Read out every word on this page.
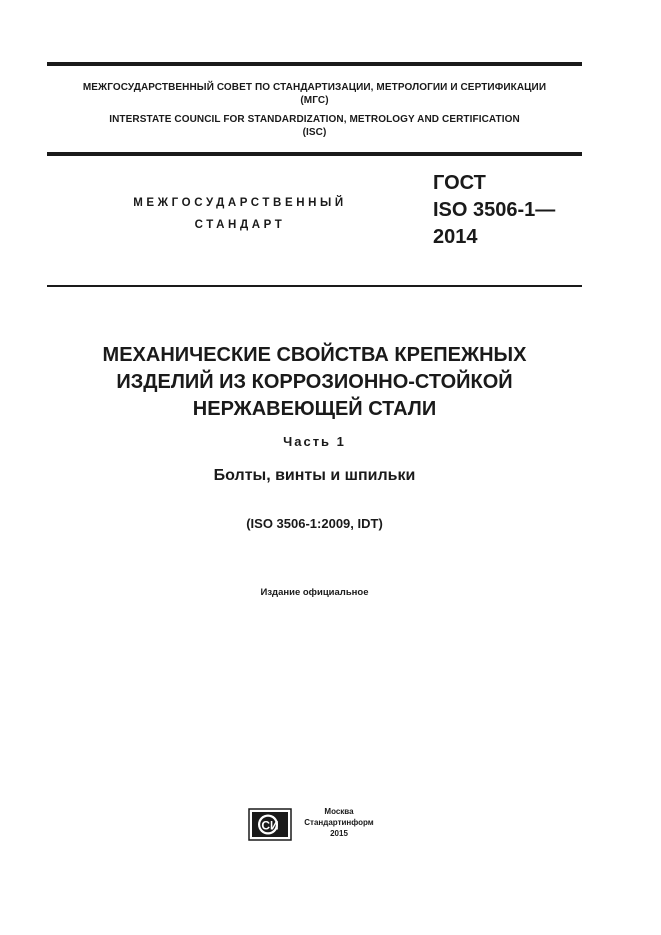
МЕЖГОСУДАРСТВЕННЫЙ СОВЕТ ПО СТАНДАРТИЗАЦИИ, МЕТРОЛОГИИ И СЕРТИФИКАЦИИ
(МГС)
INTERSTATE COUNCIL FOR STANDARDIZATION, METROLOGY AND CERTIFICATION
(ISC)
МЕЖГОСУДАРСТВЕННЫЙ
СТАНДАРТ
ГОСТ
ISO 3506-1—
2014
МЕХАНИЧЕСКИЕ СВОЙСТВА КРЕПЕЖНЫХ
ИЗДЕЛИЙ ИЗ КОРРОЗИОННО-СТОЙКОЙ
НЕРЖАВЕЮЩЕЙ СТАЛИ
Часть 1
Болты, винты и шпильки
(ISO 3506-1:2009, IDT)
Издание официальное
СИ
Москва
Стандартинформ
2015
